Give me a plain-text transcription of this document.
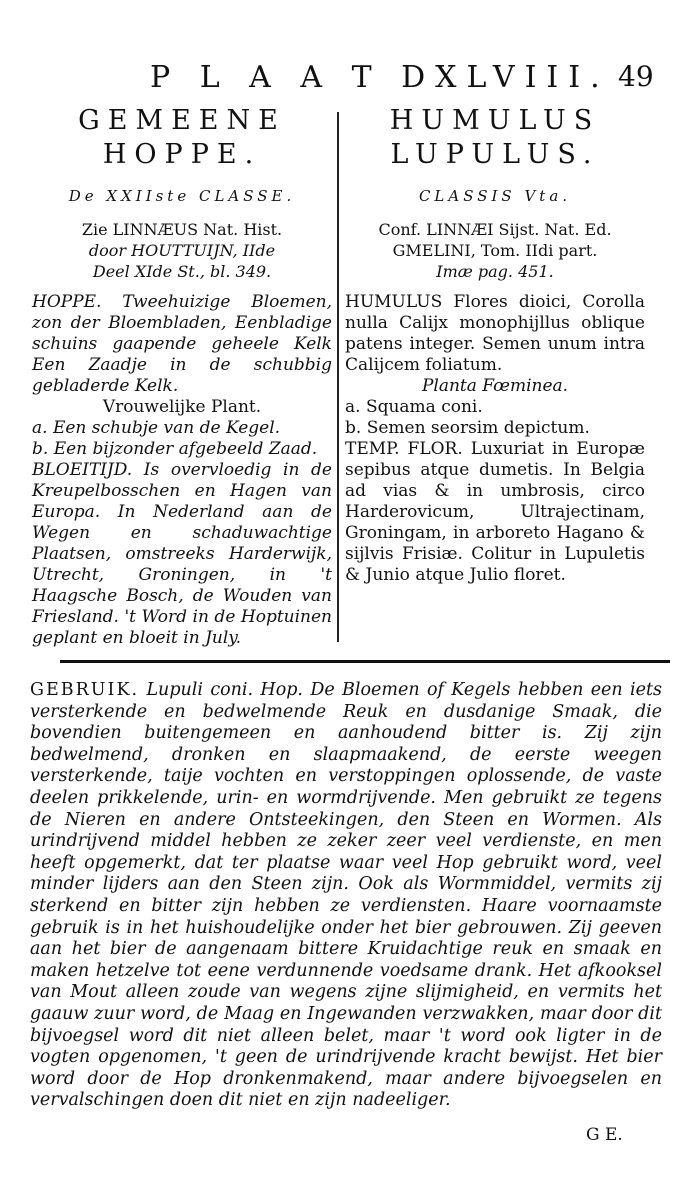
P L A A T DXLVIII. 49
GEMEENE
HOPPE.
De XXIIste CLASSE.
Zie LINNÆUS Nat. Hist.
door HOUTTUIJN, IIde
Deel XIde St., bl. 349.

HOPPE. Tweehuizige Bloemen, zon der Bloembladen, Eenbladige schuins gaapende geheele Kelk Een Zaadje in de schubbig gebladerde Kelk.

Vrouwelijke Plant.

a. Een schubje van de Kegel.

b. Een bijzonder afgebeeld Zaad.

BLOEITIJD. Is overvloedig in de Kreupelbosschen en Hagen van Europa. In Nederland aan de Wegen en schaduwachtige Plaatsen, omstreeks Harderwijk, Utrecht, Groningen, in 't Haagsche Bosch, de Wouden van Friesland. 't Word in de Hoptuinen geplant en bloeit in July.

HUMULUS
LUPULUS.
CLASSIS Vta.
Conf. LINNÆI Sijst. Nat. Ed.
GMELINI, Tom. IIdi part.
Imæ pag. 451.

HUMULUS Flores dioici, Corolla nulla Calijx monophijllus oblique patens integer. Semen unum intra Calijcem foliatum.

Planta Fœminea.

a. Squama coni.

b. Semen seorsim depictum.

TEMP. FLOR. Luxuriat in Europæ sepibus atque dumetis. In Belgia ad vias & in umbrosis, circo Harderovicum, Ultrajectinam, Groningam, in arboreto Hagano & sijlvis Frisiæ. Colitur in Lupuletis & Junio atque Julio floret.

GEBRUIK. Lupuli coni. Hop. De Bloemen of Kegels hebben een iets versterkende en bedwelmende Reuk en dusdanige Smaak, die bovendien buitengemeen en aanhoudend bitter is. Zij zijn bedwelmend, dronken en slaapmaakend, de eerste weegen versterkende, taije vochten en verstoppingen oplossende, de vaste deelen prikkelende, urin- en wormdrijvende. Men gebruikt ze tegens de Nieren en andere Ontsteekingen, den Steen en Wormen. Als urindrijvend middel hebben ze zeker zeer veel verdienste, en men heeft opgemerkt, dat ter plaatse waar veel Hop gebruikt word, veel minder lijders aan den Steen zijn. Ook als Wormmiddel, vermits zij sterkend en bitter zijn hebben ze verdiensten. Haare voornaamste gebruik is in het huishoudelijke onder het bier gebrouwen. Zij geeven aan het bier de aangenaam bittere Kruidachtige reuk en smaak en maken hetzelve tot eene verdunnende voedsame drank. Het afkooksel van Mout alleen zoude van wegens zijne slijmigheid, en vermits het gaauw zuur word, de Maag en Ingewanden verzwakken, maar door dit bijvoegsel word dit niet alleen belet, maar 't word ook ligter in de vogten opgenomen, 't geen de urindrijvende kracht bewijst. Het bier word door de Hop dronkenmakend, maar andere bijvoegselen en vervalschingen doen dit niet en zijn nadeeliger.
G E.
